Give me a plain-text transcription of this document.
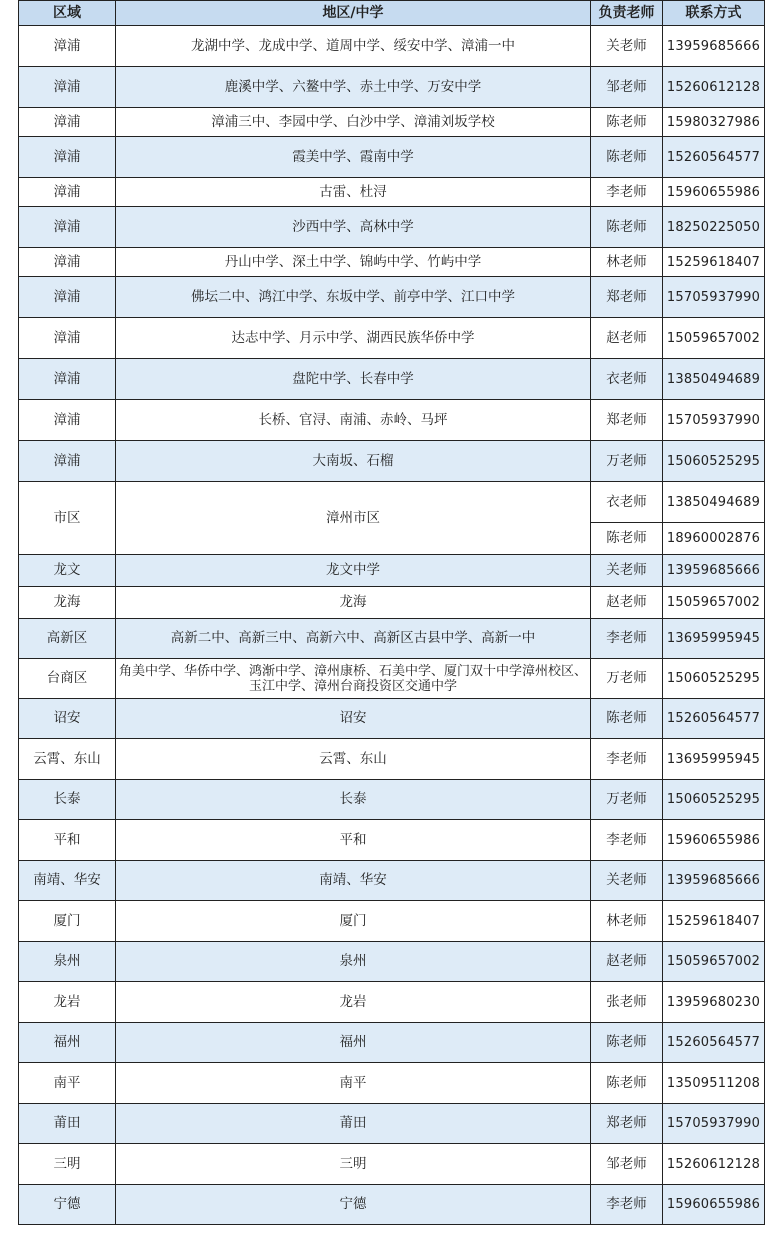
区域	地区/中学	负责老师	联系方式
漳浦	龙湖中学、龙成中学、道周中学、绥安中学、漳浦一中	关老师	13959685666
漳浦	鹿溪中学、六鳌中学、赤土中学、万安中学	邹老师	15260612128
漳浦	漳浦三中、李园中学、白沙中学、漳浦刘坂学校	陈老师	15980327986
漳浦	霞美中学、霞南中学	陈老师	15260564577
漳浦	古雷、杜浔	李老师	15960655986
漳浦	沙西中学、高林中学	陈老师	18250225050
漳浦	丹山中学、深土中学、锦屿中学、竹屿中学	林老师	15259618407
漳浦	佛坛二中、鸿江中学、东坂中学、前亭中学、江口中学	郑老师	15705937990
漳浦	达志中学、月示中学、湖西民族华侨中学	赵老师	15059657002
漳浦	盘陀中学、长春中学	衣老师	13850494689
漳浦	长桥、官浔、南浦、赤岭、马坪	郑老师	15705937990
漳浦	大南坂、石榴	万老师	15060525295
市区	漳州市区	衣老师	13850494689
		陈老师	18960002876
龙文	龙文中学	关老师	13959685666
龙海	龙海	赵老师	15059657002
高新区	高新二中、高新三中、高新六中、高新区古县中学、高新一中	李老师	13695995945
台商区	角美中学、华侨中学、鸿渐中学、漳州康桥、石美中学、厦门双十中学漳州校区、玉江中学、漳州台商投资区交通中学	万老师	15060525295
诏安	诏安	陈老师	15260564577
云霄、东山	云霄、东山	李老师	13695995945
长泰	长泰	万老师	15060525295
平和	平和	李老师	15960655986
南靖、华安	南靖、华安	关老师	13959685666
厦门	厦门	林老师	15259618407
泉州	泉州	赵老师	15059657002
龙岩	龙岩	张老师	13959680230
福州	福州	陈老师	15260564577
南平	南平	陈老师	13509511208
莆田	莆田	郑老师	15705937990
三明	三明	邹老师	15260612128
宁德	宁德	李老师	15960655986
